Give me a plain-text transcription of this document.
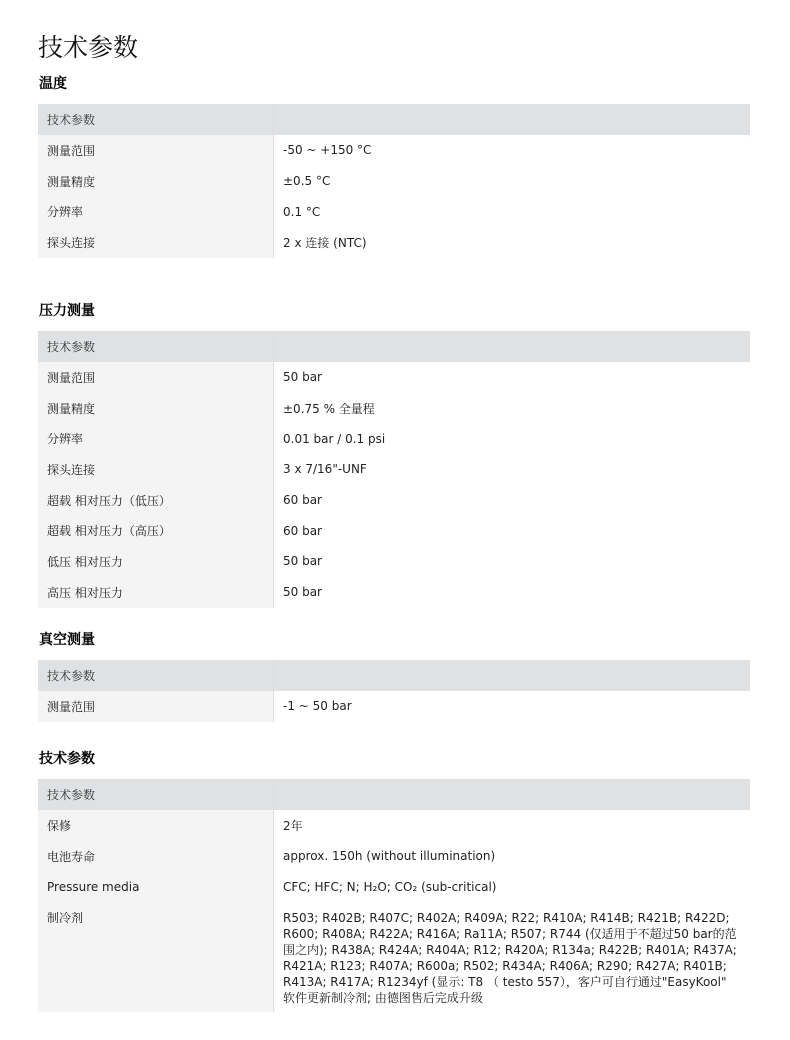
技术参数
温度
技术参数	
测量范围	-50 ~ +150 °C
测量精度	±0.5 °C
分辨率	0.1 °C
探头连接	2 x 连接 (NTC)
压力测量
技术参数	
测量范围	50 bar
测量精度	±0.75 % 全量程
分辨率	0.01 bar / 0.1 psi
探头连接	3 x 7/16"-UNF
超载 相对压力（低压）	60 bar
超载 相对压力（高压）	60 bar
低压 相对压力	50 bar
高压 相对压力	50 bar
真空测量
技术参数	
测量范围	-1 ~ 50 bar
技术参数
技术参数	
保修	2年
电池寿命	approx. 150h (without illumination)
Pressure media	CFC; HFC; N; H₂O; CO₂ (sub-critical)
制冷剂	R503; R402B; R407C; R402A; R409A; R22; R410A; R414B; R421B; R422D; R600; R408A; R422A; R416A; Ra11A; R507; R744 (仅适用于不超过50 bar的范围之内); R438A; R424A; R404A; R12; R420A; R134a; R422B; R401A; R437A; R421A; R123; R407A; R600a; R502; R434A; R406A; R290; R427A; R401B; R413A; R417A; R1234yf (显示: T8 （ testo 557），客户可自行通过"EasyKool" 软件更新制冷剂; 由德图售后完成升级
